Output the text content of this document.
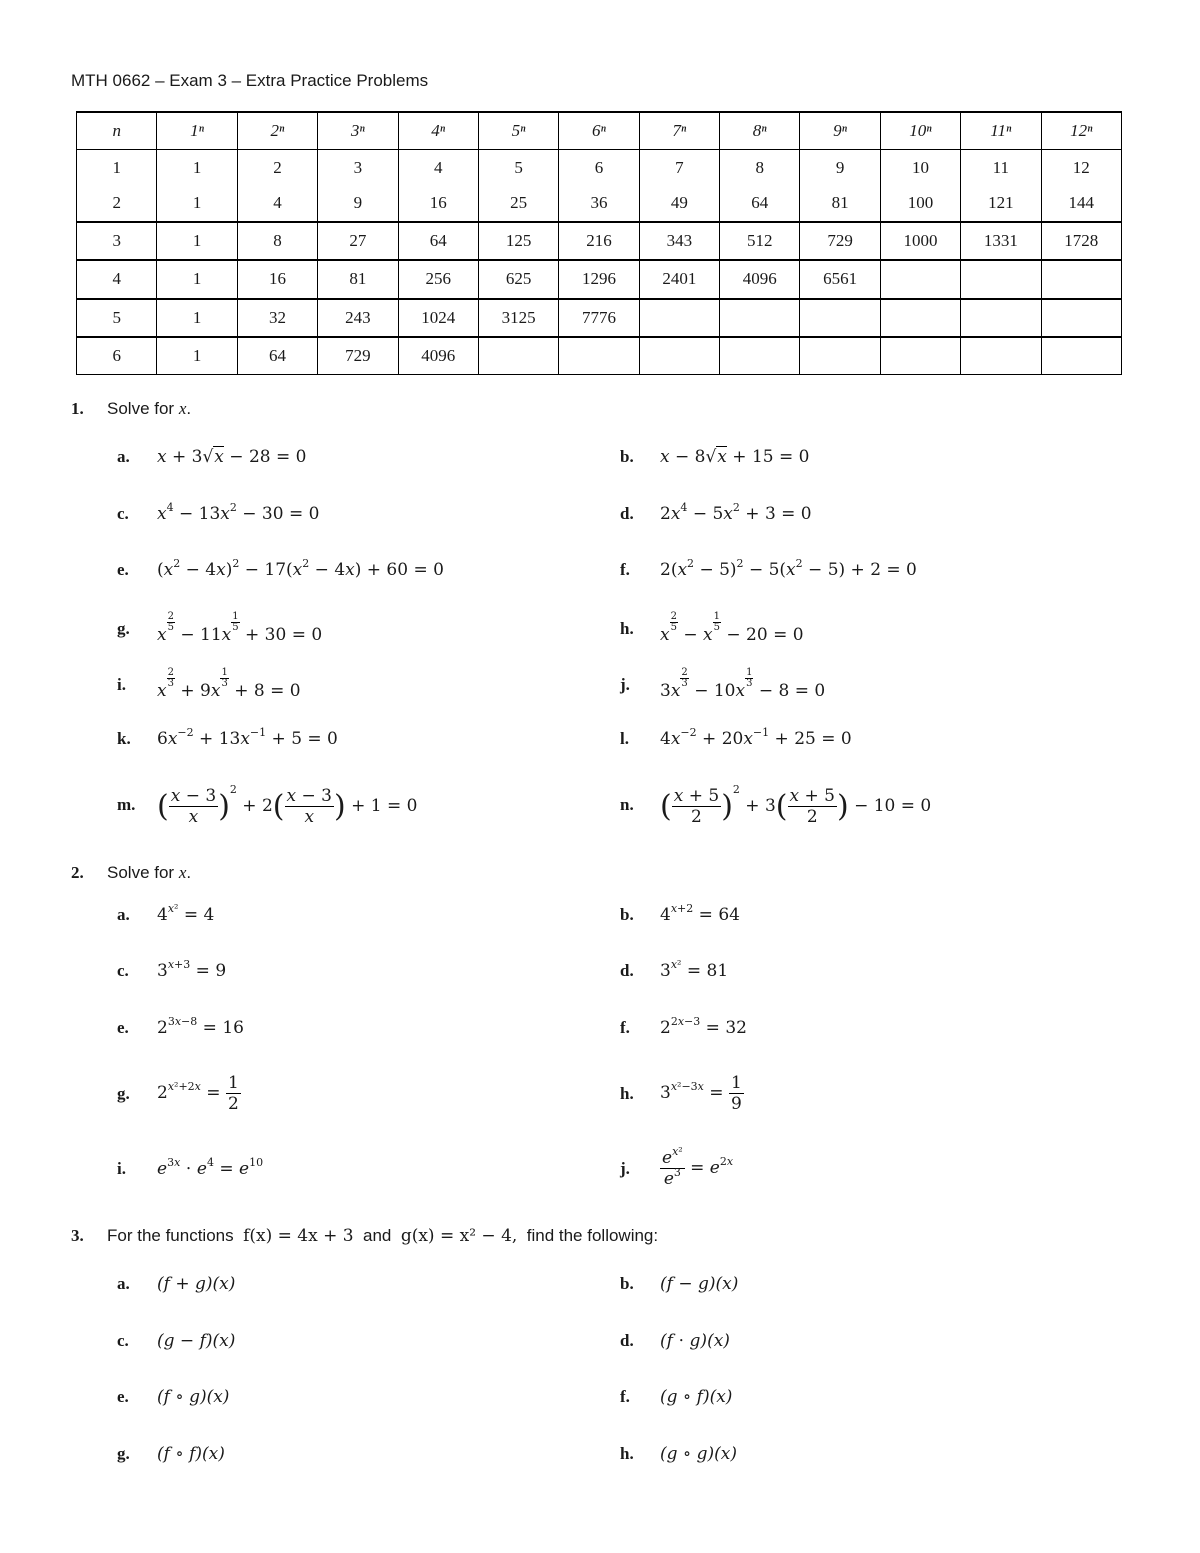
MTH 0662 – Exam 3 – Extra Practice Problems
n	1ⁿ	2ⁿ	3ⁿ	4ⁿ	5ⁿ	6ⁿ	7ⁿ	8ⁿ	9ⁿ	10ⁿ	11ⁿ	12ⁿ
1	1	2	3	4	5	6	7	8	9	10	11	12
2	1	4	9	16	25	36	49	64	81	100	121	144
3	1	8	27	64	125	216	343	512	729	1000	1331	1728
4	1	16	81	256	625	1296	2401	4096	6561			
5	1	32	243	1024	3125	7776						
6	1	64	729	4096								
1. Solve for x.
a. x + 3√x − 28 = 0	b. x − 8√x + 15 = 0
c. $x^4 - 13x^2 - 30 = 0$	d. $2x^4 - 5x^2 + 3 = 0$
e. $(x^2 - 4x)^2 - 17(x^2 - 4x) + 60 = 0$	f. $2(x^2 - 5)^2 - 5(x^2 - 5) + 2 = 0$
g. x
$\frac{2}{5}$
− 11x
$\frac{1}{5}$
+ 30 = 0	h. x
$\frac{2}{5}$
− x
$\frac{1}{5}$
− 20 = 0
i. x
$\frac{2}{3}$
+ 9x
$\frac{1}{3}$
+ 8 = 0	j. 3x
$\frac{2}{3}$
− 10x
$\frac{1}{3}$
− 8 = 0
k. $6x^{-2} + 13x^{-1} + 5 = 0$	l. $4x^{-2} + 20x^{-1} + 25 = 0$
m. ( $\frac{x - 3}{x} )^2 + 2( \frac{x - 3}{x}$ ) + 1 = 0	n. ( $\frac{x + 5}{2} )^2 + 3( \frac{x + 5}{2}$ ) − 10 = 0
2. Solve for x.
a. $4^{x^2} = 4$	b. $4^{x+2} = 64$
c. $3^{x+3} = 9$	d. $3^{x^2} = 81$
e. $2^{3x-8} = 16$	f. $2^{2x-3} = 32$
g. $2^{x^2+2x} = \frac{1}{2}$	h. $3^{x^2-3x} = \frac{1}{9}$
i. $e^{3x} \cdot e^4 = e^{10}$	j. $\frac{e^{x^2}}{e^3} = e^{2x}$
3. For the functions f(x) = 4x + 3 and g(x) = x² − 4, find the following:
a. (f + g)(x)	b. (f − g)(x)
c. (g − f)(x)	d. (f ⋅ g)(x)
e. (f ∘ g)(x)	f. (g ∘ f)(x)
g. (f ∘ f)(x)	h. (g ∘ g)(x)
